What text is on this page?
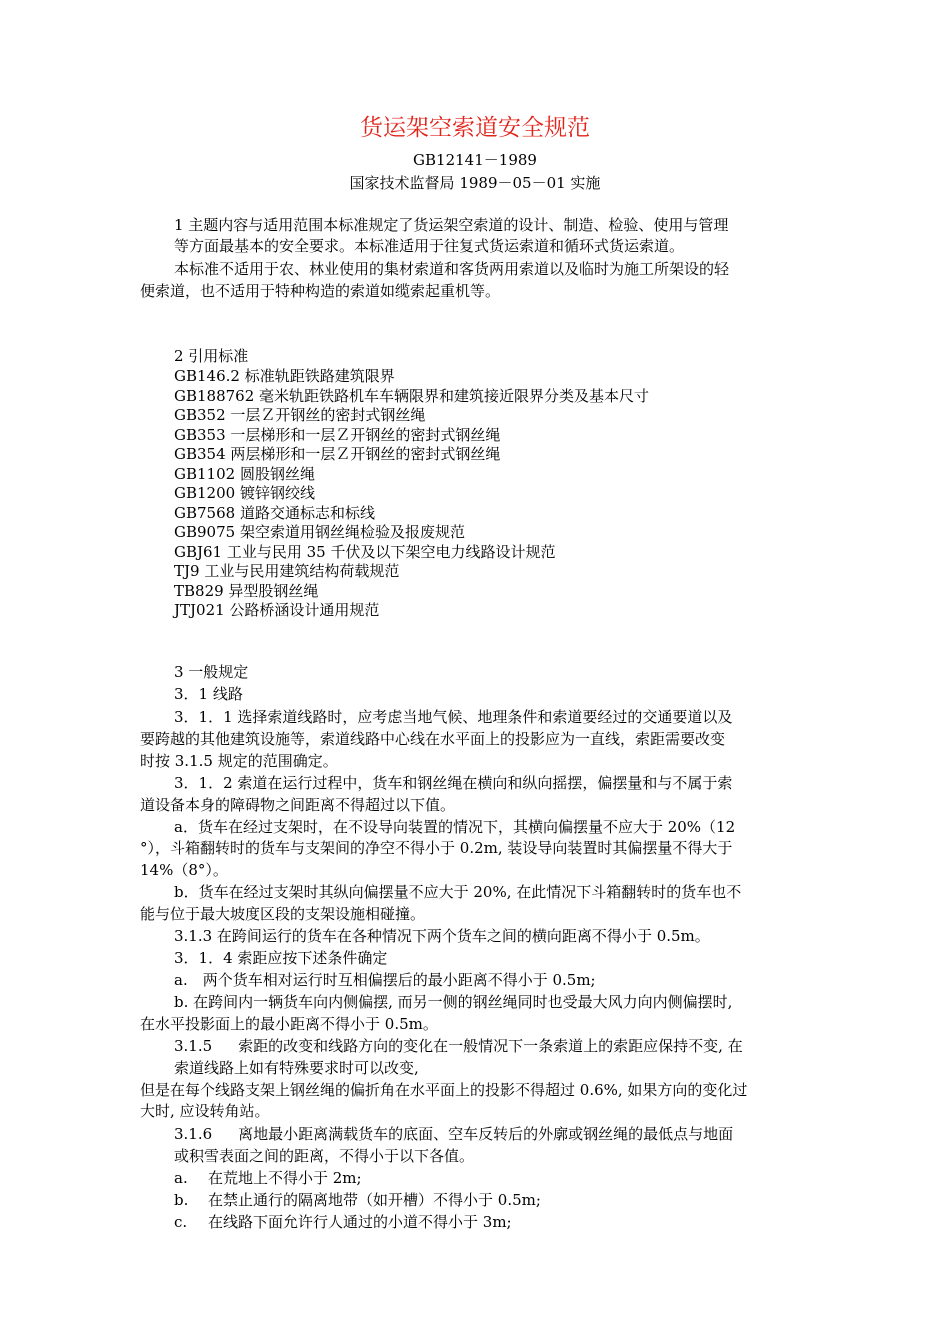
货运架空索道安全规范
GB12141－1989
国家技术监督局 1989－05－01 实施
1 主题内容与适用范围本标准规定了货运架空索道的设计、制造、检验、使用与管理
等方面最基本的安全要求。本标准适用于往复式货运索道和循环式货运索道。
本标准不适用于农、林业使用的集材索道和客货两用索道以及临时为施工所架设的轻
便索道，也不适用于特种构造的索道如缆索起重机等。
2 引用标准
GB146.2 标准轨距铁路建筑限界
GB188762 毫米轨距铁路机车车辆限界和建筑接近限界分类及基本尺寸
GB352 一层Ｚ开钢丝的密封式钢丝绳
GB353 一层梯形和一层Ｚ开钢丝的密封式钢丝绳
GB354 两层梯形和一层Ｚ开钢丝的密封式钢丝绳
GB1102 圆股钢丝绳
GB1200 镀锌钢绞线
GB7568 道路交通标志和标线
GB9075 架空索道用钢丝绳检验及报废规范
GBJ61 工业与民用 35 千伏及以下架空电力线路设计规范
TJ9 工业与民用建筑结构荷载规范
TB829 异型股钢丝绳
JTJ021 公路桥涵设计通用规范
3 一般规定
3．1 线路
3．1．1 选择索道线路时，应考虑当地气候、地理条件和索道要经过的交通要道以及
要跨越的其他建筑设施等，索道线路中心线在水平面上的投影应为一直线，索距需要改变
时按 3.1.5 规定的范围确定。
3．1．2 索道在运行过程中，货车和钢丝绳在横向和纵向摇摆，偏摆量和与不属于索
道设备本身的障碍物之间距离不得超过以下值。
a．货车在经过支架时，在不设导向装置的情况下，其横向偏摆量不应大于 20%（12
°），斗箱翻转时的货车与支架间的净空不得小于 0.2m, 装设导向装置时其偏摆量不得大于
14%（8°）。
b．货车在经过支架时其纵向偏摆量不应大于 20%, 在此情况下斗箱翻转时的货车也不
能与位于最大坡度区段的支架设施相碰撞。
3.1.3 在跨间运行的货车在各种情况下两个货车之间的横向距离不得小于 0.5m。
3．1．4 索距应按下述条件确定
a.　两个货车相对运行时互相偏摆后的最小距离不得小于 0.5m;
b. 在跨间内一辆货车向内侧偏摆, 而另一侧的钢丝绳同时也受最大风力向内侧偏摆时,
在水平投影面上的最小距离不得小于 0.5m。
3.1.5 索距的改变和线路方向的变化在一般情况下一条索道上的索距应保持不变, 在
索道线路上如有特殊要求时可以改变,
但是在每个线路支架上钢丝绳的偏折角在水平面上的投影不得超过 0.6%, 如果方向的变化过
大时, 应设转角站。
3.1.6 离地最小距离满载货车的底面、空车反转后的外廓或钢丝绳的最低点与地面
或积雪表面之间的距离，不得小于以下各值。
a. 在荒地上不得小于 2m;
b. 在禁止通行的隔离地带（如开槽）不得小于 0.5m;
c. 在线路下面允许行人通过的小道不得小于 3m;
